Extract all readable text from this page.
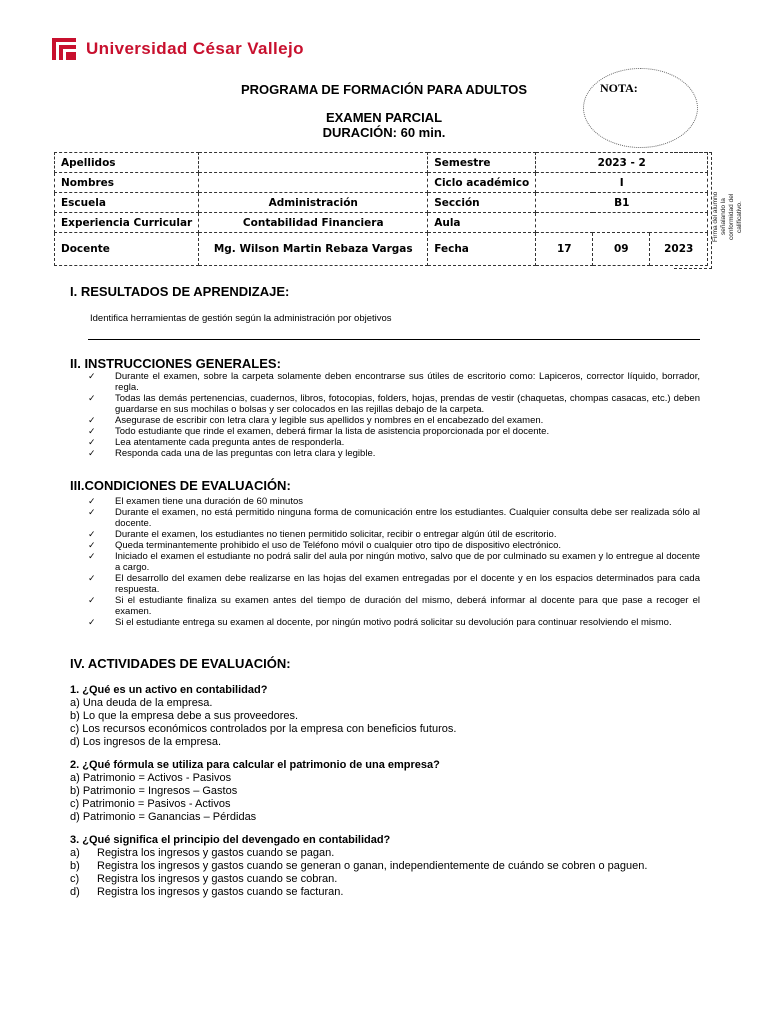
Universidad César Vallejo
PROGRAMA DE FORMACIÓN PARA ADULTOS
EXAMEN PARCIAL
DURACIÓN: 60 min.
NOTA:
Apellidos		Semestre	2023 - 2		
Nombres		Ciclo académico	I		
Escuela	Administración	Sección	B1		
Experiencia Curricular	Contabilidad Financiera	Aula			
Docente	Mg. Wilson Martin Rebaza Vargas	Fecha	17	09	2023
Firma del alumno señalando la conformidad del calificativo.
I. RESULTADOS DE APRENDIZAJE:
Identifica herramientas de gestión según la administración por objetivos
II. INSTRUCCIONES GENERALES:
✓ Durante el examen, sobre la carpeta solamente deben encontrarse sus útiles de escritorio como: Lapiceros, corrector líquido, borrador, regla.
✓ Todas las demás pertenencias, cuadernos, libros, fotocopias, folders, hojas, prendas de vestir (chaquetas, chompas casacas, etc.) deben guardarse en sus mochilas o bolsas y ser colocados en las rejillas debajo de la carpeta.
✓ Asegurase de escribir con letra clara y legible sus apellidos y nombres en el encabezado del examen.
✓ Todo estudiante que rinde el examen, deberá firmar la lista de asistencia proporcionada por el docente.
✓ Lea atentamente cada pregunta antes de responderla.
✓ Responda cada una de las preguntas con letra clara y legible.
III.CONDICIONES DE EVALUACIÓN:
✓ El examen tiene una duración de 60 minutos
✓ Durante el examen, no está permitido ninguna forma de comunicación entre los estudiantes. Cualquier consulta debe ser realizada sólo al docente.
✓ Durante el examen, los estudiantes no tienen permitido solicitar, recibir o entregar algún útil de escritorio.
✓ Queda terminantemente prohibido el uso de Teléfono móvil o cualquier otro tipo de dispositivo electrónico.
✓ Iniciado el examen el estudiante no podrá salir del aula por ningún motivo, salvo que de por culminado su examen y lo entregue al docente a cargo.
✓ El desarrollo del examen debe realizarse en las hojas del examen entregadas por el docente y en los espacios determinados para cada respuesta.
✓ Si el estudiante finaliza su examen antes del tiempo de duración del mismo, deberá informar al docente para que pase a recoger el examen.
✓ Si el estudiante entrega su examen al docente, por ningún motivo podrá solicitar su devolución para continuar resolviendo el mismo.
IV. ACTIVIDADES DE EVALUACIÓN:
1. ¿Qué es un activo en contabilidad?
a) Una deuda de la empresa.
b) Lo que la empresa debe a sus proveedores.
c) Los recursos económicos controlados por la empresa con beneficios futuros.
d) Los ingresos de la empresa.
2. ¿Qué fórmula se utiliza para calcular el patrimonio de una empresa?
a) Patrimonio = Activos - Pasivos
b) Patrimonio = Ingresos – Gastos
c) Patrimonio = Pasivos - Activos
d) Patrimonio = Ganancias – Pérdidas
3. ¿Qué significa el principio del devengado en contabilidad?
a) Registra los ingresos y gastos cuando se pagan.
b) Registra los ingresos y gastos cuando se generan o ganan, independientemente de cuándo se cobren o paguen.
c) Registra los ingresos y gastos cuando se cobran.
d) Registra los ingresos y gastos cuando se facturan.
